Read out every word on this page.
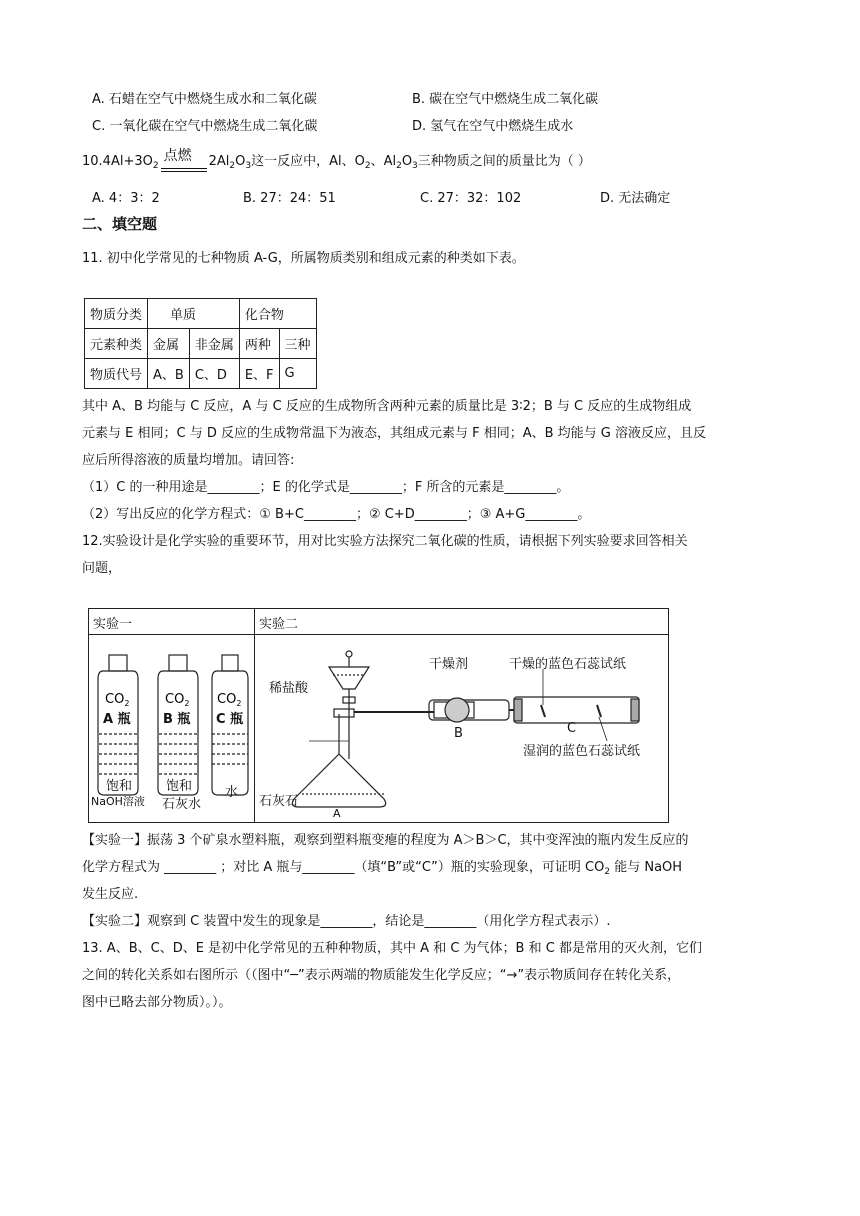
A. 石蜡在空气中燃烧生成水和二氧化碳	B. 碳在空气中燃烧生成二氧化碳
C. 一氧化碳在空气中燃烧生成二氧化碳	D. 氢气在空气中燃烧生成水
$10.4Al+3O_2$
点燃 $2Al_2O_3$这一反应中，Al、$O_2$、$Al_2O_3$三种物质之间的质量比为（ ）
A. 4：3：2	B. 27：24：51	C. 27：32：102	D. 无法确定
二、填空题
11. 初中化学常见的七种物质 A-G，所属物质类别和组成元素的种类如下表。
物质分类	单质		化合物	
元素种类	金属	非金属	两种	三种
物质代号	A、B	C、D	E、F	G
其中 A、B 均能与 C 反应，A 与 C 反应的生成物所含两种元素的质量比是 3∶2；B 与 C 反应的生成物组成
元素与 E 相同；C 与 D 反应的生成物常温下为液态，其组成元素与 F 相同；A、B 均能与 G 溶液反应，且反
应后所得溶液的质量均增加。请回答:
（1）C 的一种用途是________；E 的化学式是________；F 所含的元素是________。
（2）写出反应的化学方程式：① B+C________；② C+D________；③ A+G________。
12.实验设计是化学实验的重要环节，用对比实验方法探究二氧化碳的性质，请根据下列实验要求回答相关
问题，
实验一	实验二
$CO_2$	$CO_2$ $CO_2$
A 瓶 B 瓶 C 瓶
饱和
NaOH溶液
饱和
石灰水
水
稀盐酸
干燥剂	干燥的蓝色石蕊试纸
湿润的蓝色石蕊试纸
石灰石
A
B	C
【实验一】振荡 3 个矿泉水塑料瓶，观察到塑料瓶变瘪的程度为 A＞B＞C，其中变浑浊的瓶内发生反应的
化学方程式为 ________ ；对比 A 瓶与________（填“B”或“C”）瓶的实验现象，可证明 $CO_2$ 能与 NaOH
发生反应.
【实验二】观察到 C 装置中发生的现象是________，结论是________（用化学方程式表示）.
13. A、B、C、D、E 是初中化学常见的五种种物质，其中 A 和 C 为气体；B 和 C 都是常用的灭火剂，它们
之间的转化关系如右图所示（（图中“─”表示两端的物质能发生化学反应；“→”表示物质间存在转化关系，
图中已略去部分物质）。）。
